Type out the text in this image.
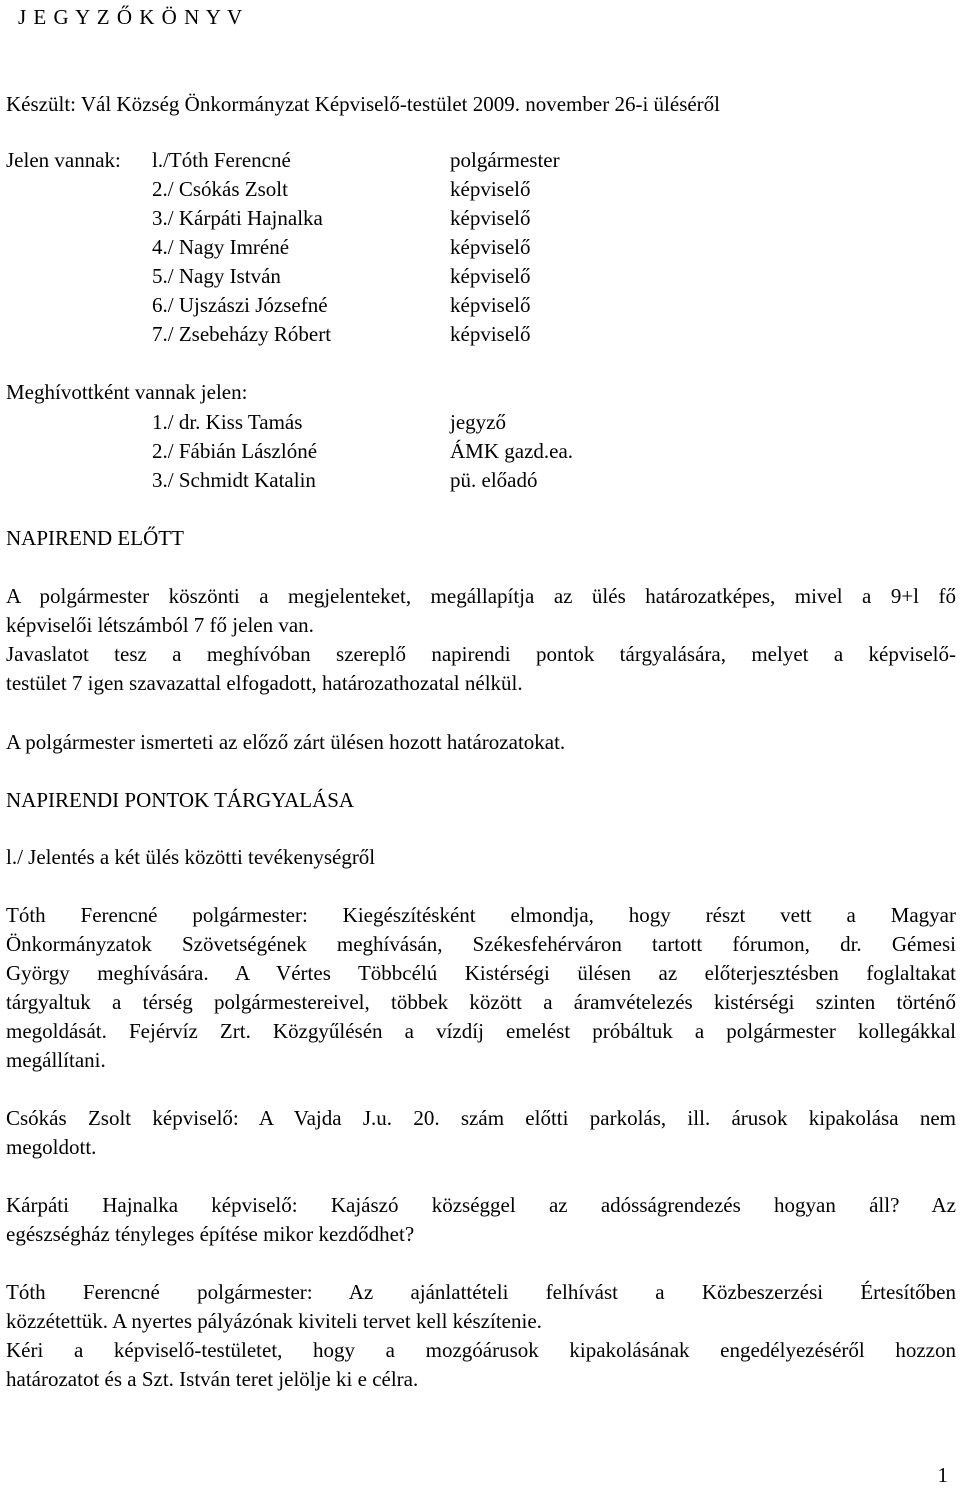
J E G Y Z Ő K Ö N Y V
Készült: Vál Község Önkormányzat Képviselő-testület 2009. november 26-i üléséről
Jelen vannak: l./Tóth Ferencné	polgármester
2./ Csókás Zsolt	képviselő
3./ Kárpáti Hajnalka	képviselő
4./ Nagy Imréné	képviselő
5./ Nagy István	képviselő
6./ Ujszászi Józsefné	képviselő
7./ Zsebeházy Róbert	képviselő
Meghívottként vannak jelen:
1./ dr. Kiss Tamás	jegyző
2./ Fábián Lászlóné	ÁMK gazd.ea.
3./ Schmidt Katalin	pü. előadó
NAPIREND ELŐTT
A polgármester köszönti a megjelenteket, megállapítja az ülés határozatképes, mivel a 9+l fő
képviselői létszámból 7 fő jelen van.
Javaslatot tesz a meghívóban szereplő napirendi pontok tárgyalására, melyet a képviselő-
testület 7 igen szavazattal elfogadott, határozathozatal nélkül.
A polgármester ismerteti az előző zárt ülésen hozott határozatokat.
NAPIRENDI PONTOK TÁRGYALÁSA
l./ Jelentés a két ülés közötti tevékenységről
Tóth Ferencné polgármester: Kiegészítésként elmondja, hogy részt vett a Magyar
Önkormányzatok Szövetségének meghívásán, Székesfehérváron tartott fórumon, dr. Gémesi
György meghívására. A Vértes Többcélú Kistérségi ülésen az előterjesztésben foglaltakat
tárgyaltuk a térség polgármestereivel, többek között a áramvételezés kistérségi szinten történő
megoldását. Fejérvíz Zrt. Közgyűlésén a vízdíj emelést próbáltuk a polgármester kollegákkal
megállítani.
Csókás Zsolt képviselő: A Vajda J.u. 20. szám előtti parkolás, ill. árusok kipakolása nem
megoldott.
Kárpáti Hajnalka képviselő: Kajászó községgel az adósságrendezés hogyan áll? Az
egészségház tényleges építése mikor kezdődhet?
Tóth Ferencné polgármester: Az ajánlattételi felhívást a Közbeszerzési Értesítőben
közzétettük. A nyertes pályázónak kiviteli tervet kell készítenie.
Kéri a képviselő-testületet, hogy a mozgóárusok kipakolásának engedélyezéséről hozzon
határozatot és a Szt. István teret jelölje ki e célra.
1
